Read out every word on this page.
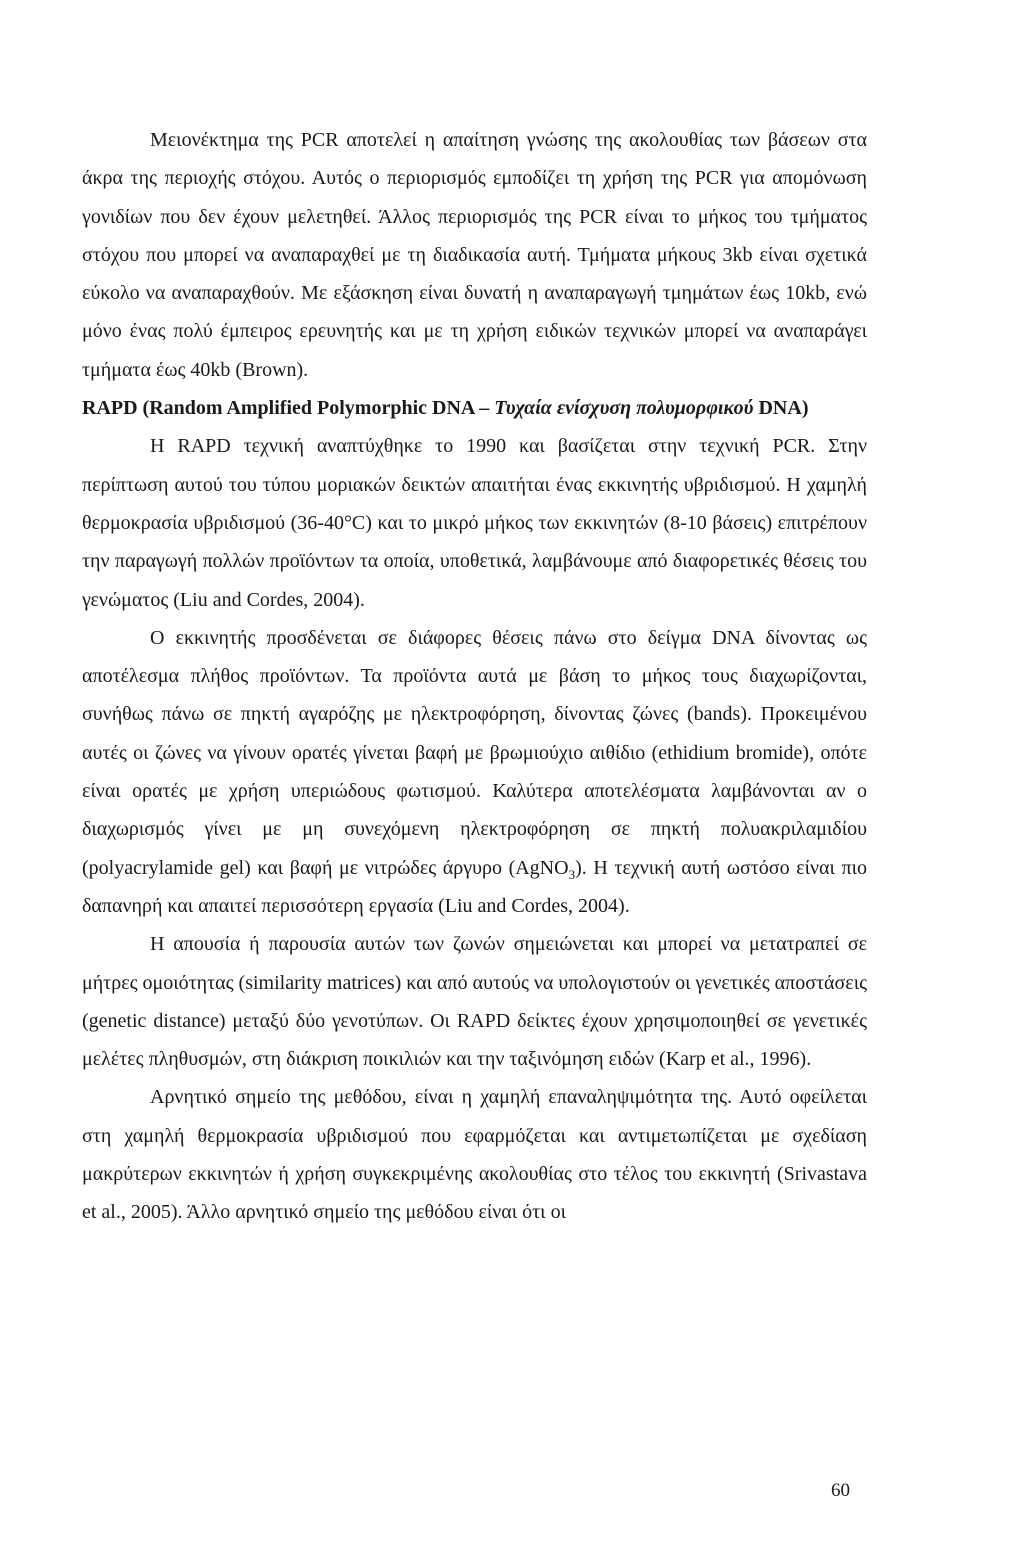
Μειονέκτημα της PCR αποτελεί η απαίτηση γνώσης της ακολουθίας των βάσεων στα άκρα της περιοχής στόχου. Αυτός ο περιορισμός εμποδίζει τη χρήση της PCR για απομόνωση γονιδίων που δεν έχουν μελετηθεί. Άλλος περιορισμός της PCR είναι το μήκος του τμήματος στόχου που μπορεί να αναπαραχθεί με τη διαδικασία αυτή. Τμήματα μήκους 3kb είναι σχετικά εύκολο να αναπαραχθούν. Με εξάσκηση είναι δυνατή η αναπαραγωγή τμημάτων έως 10kb, ενώ μόνο ένας πολύ έμπειρος ερευνητής και με τη χρήση ειδικών τεχνικών μπορεί να αναπαράγει τμήματα έως 40kb (Brown).

RAPD (Random Amplified Polymorphic DNA – Τυχαία ενίσχυση πολυμορφικού DNA)

Η RAPD τεχνική αναπτύχθηκε το 1990 και βασίζεται στην τεχνική PCR. Στην περίπτωση αυτού του τύπου μοριακών δεικτών απαιτήται ένας εκκινητής υβριδισμού. Η χαμηλή θερμοκρασία υβριδισμού (36-40°C) και το μικρό μήκος των εκκινητών (8-10 βάσεις) επιτρέπουν την παραγωγή πολλών προϊόντων τα οποία, υποθετικά, λαμβάνουμε από διαφορετικές θέσεις του γενώματος (Liu and Cordes, 2004).

Ο εκκινητής προσδένεται σε διάφορες θέσεις πάνω στο δείγμα DNA δίνοντας ως αποτέλεσμα πλήθος προϊόντων. Τα προϊόντα αυτά με βάση το μήκος τους διαχωρίζονται, συνήθως πάνω σε πηκτή αγαρόζης με ηλεκτροφόρηση, δίνοντας ζώνες (bands). Προκειμένου αυτές οι ζώνες να γίνουν ορατές γίνεται βαφή με βρωμιούχιο αιθίδιο (ethidium bromide), οπότε είναι ορατές με χρήση υπεριώδους φωτισμού. Καλύτερα αποτελέσματα λαμβάνονται αν ο διαχωρισμός γίνει με μη συνεχόμενη ηλεκτροφόρηση σε πηκτή πολυακριλαμιδίου (polyacrylamide gel) και βαφή με νιτρώδες άργυρο (AgNO$_3$). Η τεχνική αυτή ωστόσο είναι πιο δαπανηρή και απαιτεί περισσότερη εργασία (Liu and Cordes, 2004).

Η απουσία ή παρουσία αυτών των ζωνών σημειώνεται και μπορεί να μετατραπεί σε μήτρες ομοιότητας (similarity matrices) και από αυτούς να υπολογιστούν οι γενετικές αποστάσεις (genetic distance) μεταξύ δύο γενοτύπων. Οι RAPD δείκτες έχουν χρησιμοποιηθεί σε γενετικές μελέτες πληθυσμών, στη διάκριση ποικιλιών και την ταξινόμηση ειδών (Karp et al., 1996).

Αρνητικό σημείο της μεθόδου, είναι η χαμηλή επαναληψιμότητα της. Αυτό οφείλεται στη χαμηλή θερμοκρασία υβριδισμού που εφαρμόζεται και αντιμετωπίζεται με σχεδίαση μακρύτερων εκκινητών ή χρήση συγκεκριμένης ακολουθίας στο τέλος του εκκινητή (Srivastava et al., 2005). Άλλο αρνητικό σημείο της μεθόδου είναι ότι οι

60
